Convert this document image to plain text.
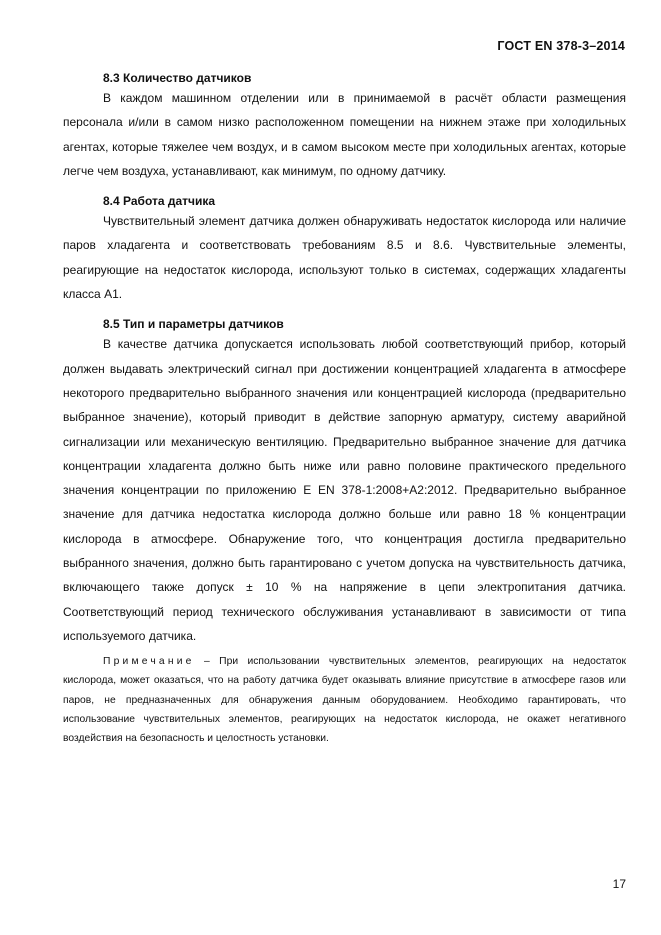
ГОСТ EN 378-3–2014
8.3 Количество датчиков

В каждом машинном отделении или в принимаемой в расчёт области размещения персонала и/или в самом низко расположенном помещении на нижнем этаже при холодильных агентах, которые тяжелее чем воздух, и в самом высоком месте при холодильных агентах, которые легче чем воздуха, устанавливают, как минимум, по одному датчику.

8.4 Работа датчика

Чувствительный элемент датчика должен обнаруживать недостаток кислорода или наличие паров хладагента и соответствовать требованиям 8.5 и 8.6. Чувствительные элементы, реагирующие на недостаток кислорода, используют только в системах, содержащих хладагенты класса A1.

8.5 Тип и параметры датчиков

В качестве датчика допускается использовать любой соответствующий прибор, который должен выдавать электрический сигнал при достижении концентрацией хладагента в атмосфере некоторого предварительно выбранного значения или концентрацией кислорода (предварительно выбранное значение), который приводит в действие запорную арматуру, систему аварийной сигнализации или механическую вентиляцию. Предварительно выбранное значение для датчика концентрации хладагента должно быть ниже или равно половине практического предельного значения концентрации по приложению Е EN 378-1:2008+A2:2012. Предварительно выбранное значение для датчика недостатка кислорода должно больше или равно 18 % концентрации кислорода в атмосфере. Обнаружение того, что концентрация достигла предварительно выбранного значения, должно быть гарантировано с учетом допуска на чувствительность датчика, включающего также допуск ± 10 % на напряжение в цепи электропитания датчика. Соответствующий период технического обслуживания устанавливают в зависимости от типа используемого датчика.

Примечание – При использовании чувствительных элементов, реагирующих на недостаток кислорода, может оказаться, что на работу датчика будет оказывать влияние присутствие в атмосфере газов или паров, не предназначенных для обнаружения данным оборудованием. Необходимо гарантировать, что использование чувствительных элементов, реагирующих на недостаток кислорода, не окажет негативного воздействия на безопасность и целостность установки.

17
